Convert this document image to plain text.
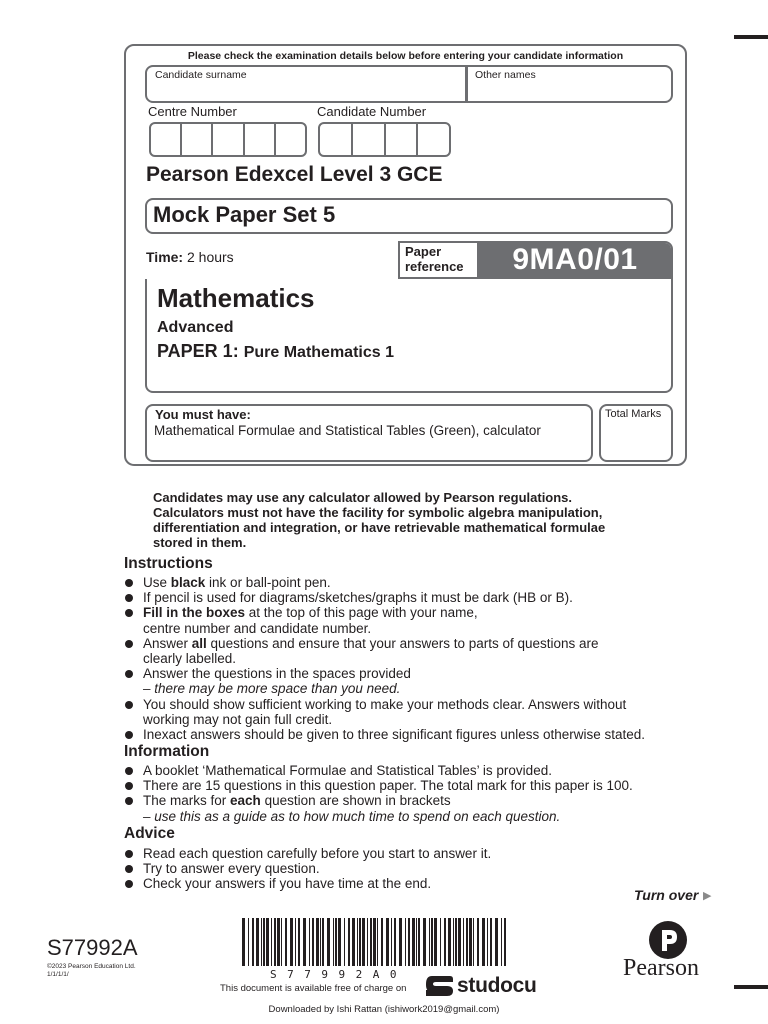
Please check the examination details below before entering your candidate information
Candidate surname	Other names
Centre Number	Candidate Number
Pearson Edexcel Level 3 GCE
Mock Paper Set 5
Time: 2 hours	Paper
reference	9MA0/01
Mathematics
Advanced
PAPER 1: Pure Mathematics 1
You must have:
Mathematical Formulae and Statistical Tables (Green), calculator
Total Marks
Candidates may use any calculator allowed by Pearson regulations.
Calculators must not have the facility for symbolic algebra manipulation,
differentiation and integration, or have retrievable mathematical formulae
stored in them.
Instructions
Use black ink or ball-point pen.
If pencil is used for diagrams/sketches/graphs it must be dark (HB or B).
Fill in the boxes at the top of this page with your name,
centre number and candidate number.
Answer all questions and ensure that your answers to parts of questions are
clearly labelled.
Answer the questions in the spaces provided
– there may be more space than you need.
You should show sufficient working to make your methods clear. Answers without
working may not gain full credit.
Inexact answers should be given to three significant figures unless otherwise stated.
Information
A booklet ‘Mathematical Formulae and Statistical Tables’ is provided.
There are 15 questions in this question paper. The total mark for this paper is 100.
The marks for each question are shown in brackets
– use this as a guide as to how much time to spend on each question.
Advice
Read each question carefully before you start to answer it.
Try to answer every question.
Check your answers if you have time at the end.
Turn over ▶
S77992A
©2023 Pearson Education Ltd.
1/1/1/1/	S77992A0
This document is available free of charge on studocu
Pearson
Downloaded by Ishi Rattan (ishiwork2019@gmail.com)
